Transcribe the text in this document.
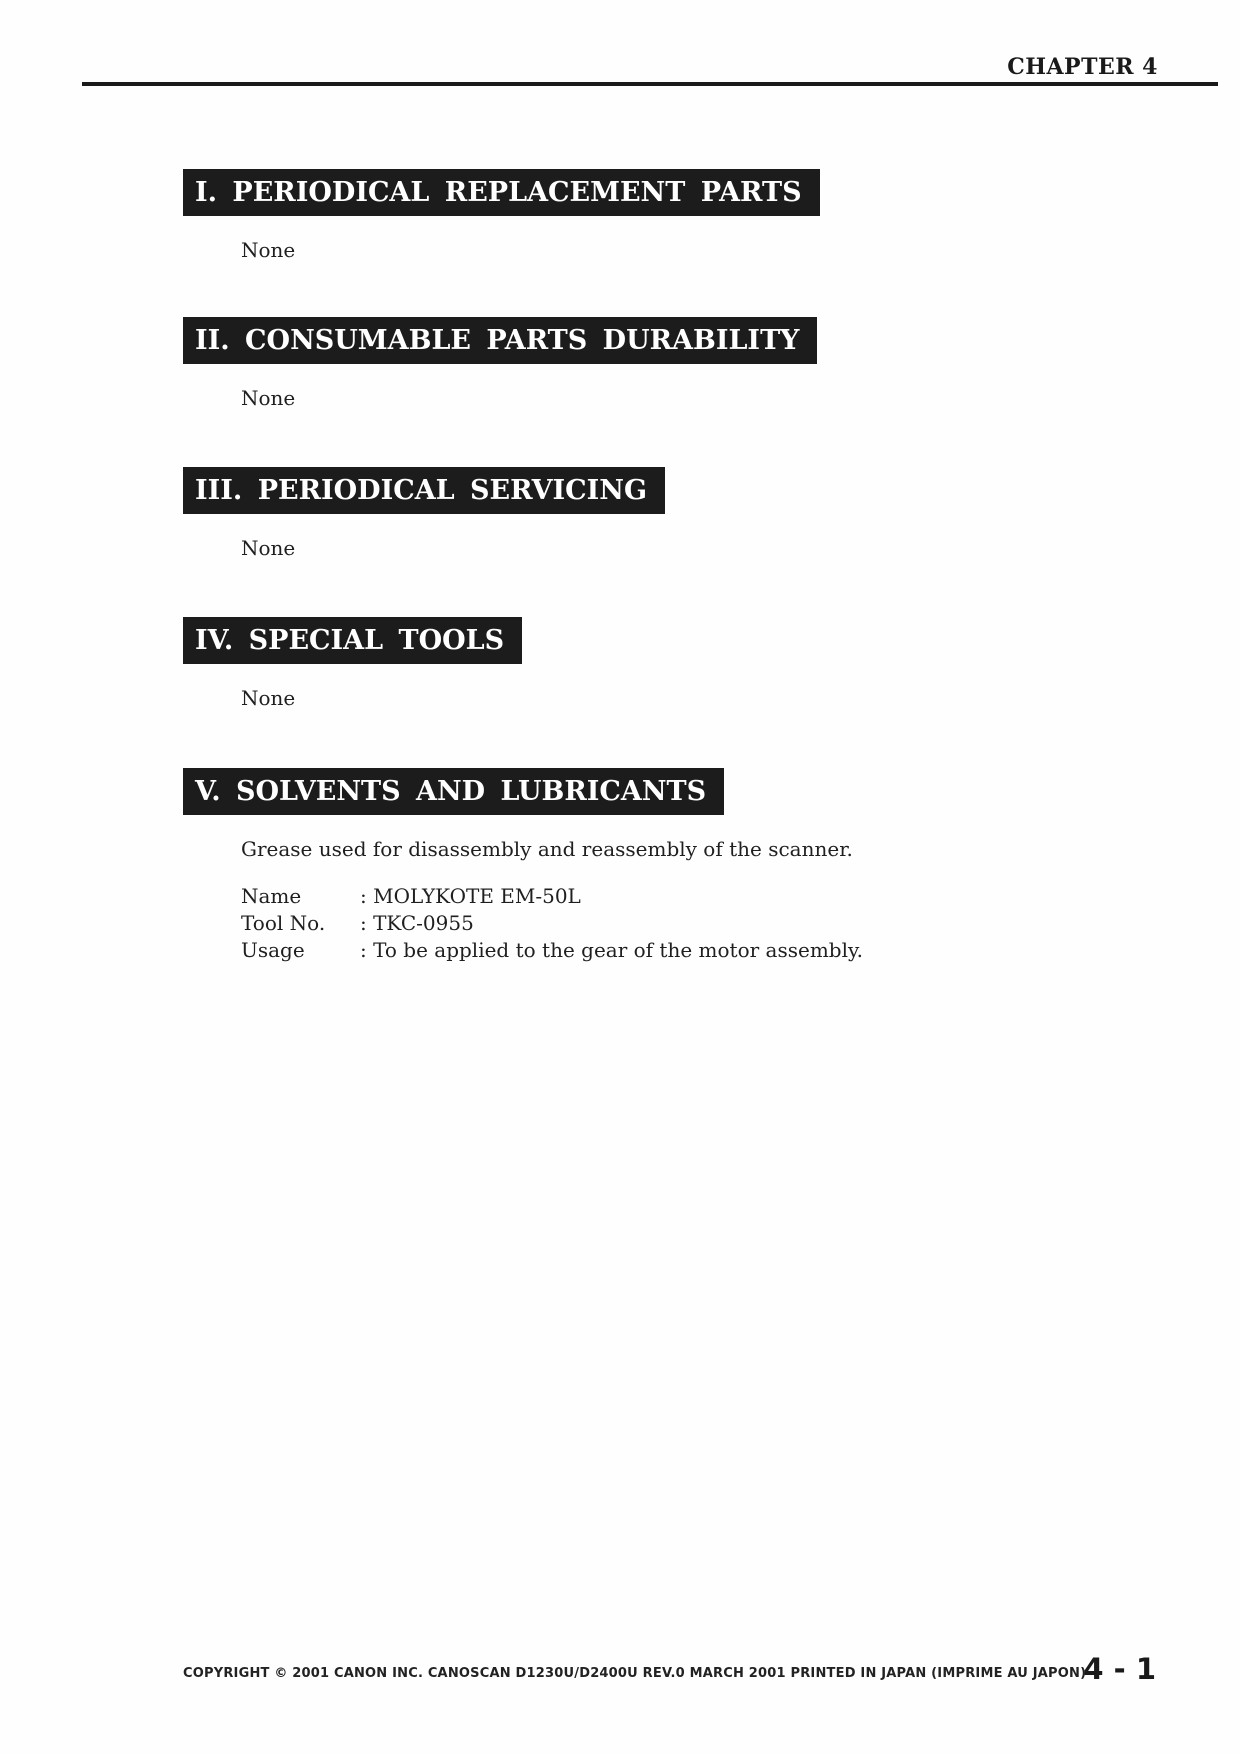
CHAPTER 4
I. PERIODICAL REPLACEMENT PARTS

None

II. CONSUMABLE PARTS DURABILITY

None

III. PERIODICAL SERVICING

None

IV. SPECIAL TOOLS

None

V. SOLVENTS AND LUBRICANTS

Grease used for disassembly and reassembly of the scanner.

Name	: MOLYKOTE EM-50L
Tool No.	: TKC-0955
Usage	: To be applied to the gear of the motor assembly.
COPYRIGHT © 2001 CANON INC. CANOSCAN D1230U/D2400U REV.0 MARCH 2001 PRINTED IN JAPAN (IMPRIME AU JAPON)
4 - 1
